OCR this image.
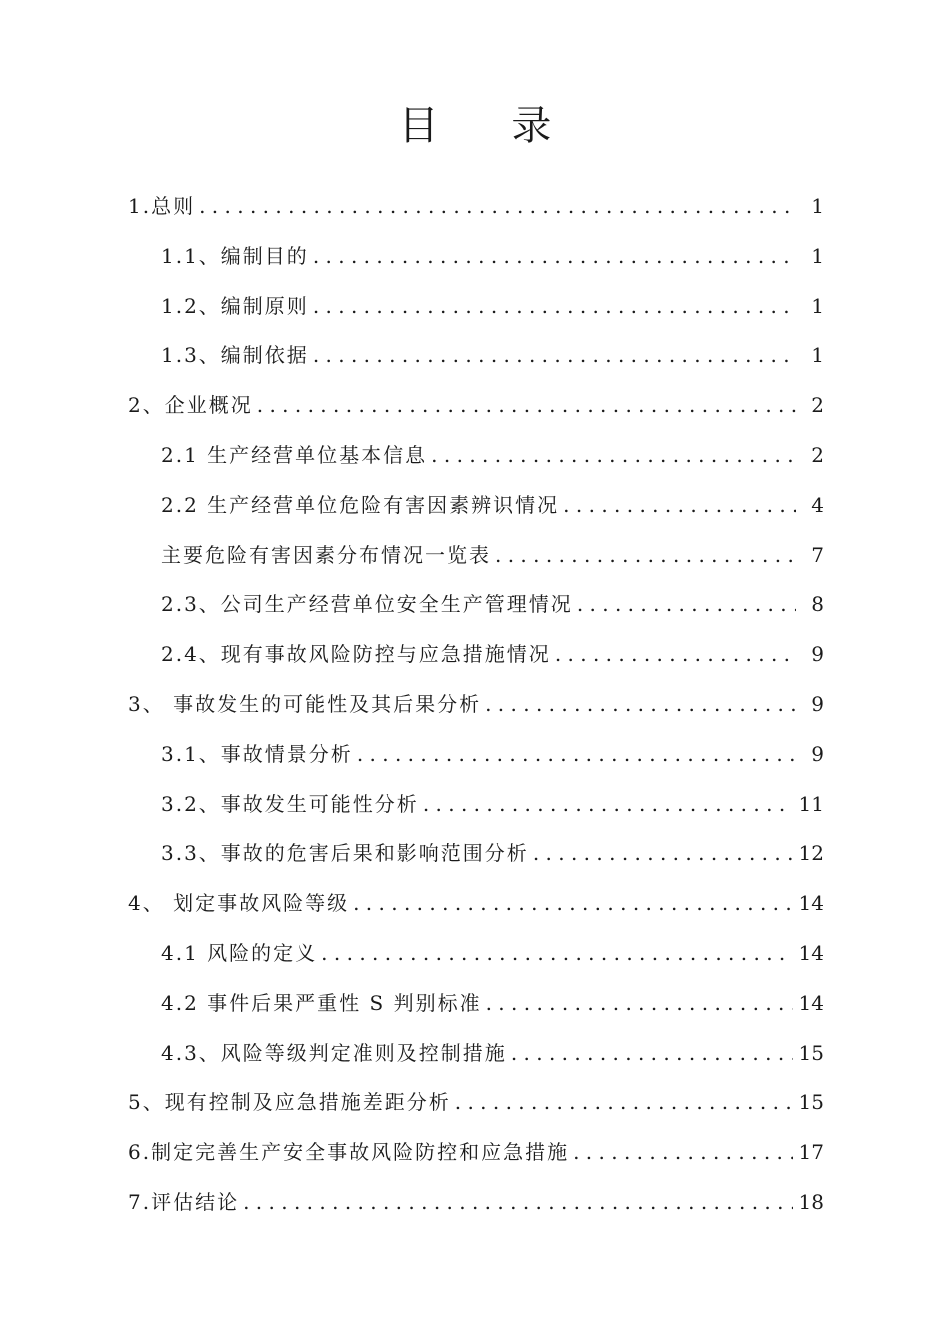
目 录
1.总则 . . .	1
1.1、编制目的 . . .	1
1.2、编制原则 . . .	1
1.3、编制依据 . . .	1
2、企业概况 . . .	2
2.1 生产经营单位基本信息 . . .	2
2.2 生产经营单位危险有害因素辨识情况 . . .	4
主要危险有害因素分布情况一览表 . . .	7
2.3、公司生产经营单位安全生产管理情况 . . .	8
2.4、现有事故风险防控与应急措施情况 . . .	9
3、 事故发生的可能性及其后果分析 . . .	9
3.1、事故情景分析 . . .	9
3.2、事故发生可能性分析 . . .	11
3.3、事故的危害后果和影响范围分析 . . .	12
4、 划定事故风险等级 . . .	14
4.1 风险的定义 . . .	14
4.2 事件后果严重性 S 判别标准 . . .	14
4.3、风险等级判定准则及控制措施 . . .	15
5、现有控制及应急措施差距分析 . . .	15
6.制定完善生产安全事故风险防控和应急措施 . . .	17
7.评估结论 . . .	18
